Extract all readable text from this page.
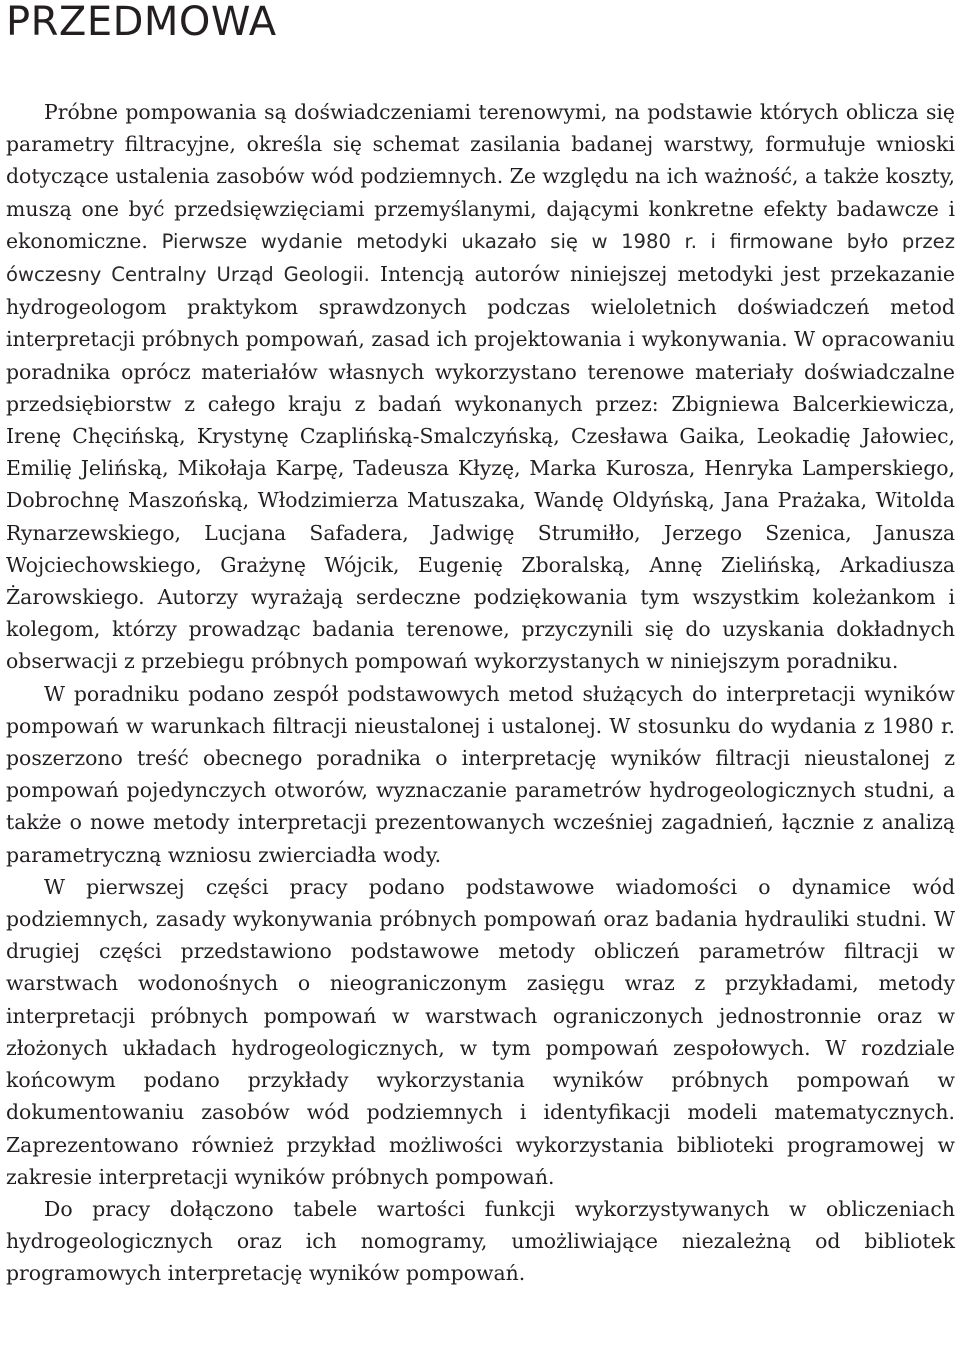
PRZEDMOWA

Próbne pompowania są doświadczeniami terenowymi, na podstawie których oblicza się parametry filtracyjne, określa się schemat zasilania badanej warstwy, formułuje wnioski dotyczące ustalenia zasobów wód podziemnych. Ze względu na ich ważność, a także koszty, muszą one być przedsięwzięciami przemyślanymi, dającymi konkretne efekty badawcze i ekonomiczne. Pierwsze wydanie metodyki ukazało się w 1980 r. i firmowane było przez ówczesny Centralny Urząd Geologii. Intencją autorów niniejszej metodyki jest przekazanie hydrogeologom praktykom sprawdzonych podczas wieloletnich doświadczeń metod interpretacji próbnych pompowań, zasad ich projektowania i wykonywania. W opracowaniu poradnika oprócz materiałów własnych wykorzystano terenowe materiały doświadczalne przedsiębiorstw z całego kraju z badań wykonanych przez: Zbigniewa Balcerkiewicza, Irenę Chęcińską, Krystynę Czaplińską-Smalczyńską, Czesława Gaika, Leokadię Jałowiec, Emilię Jelińską, Mikołaja Karpę, Tadeusza Kłyzę, Marka Kurosza, Henryka Lamperskiego, Dobrochnę Maszońską, Włodzimierza Matuszaka, Wandę Oldyńską, Jana Prażaka, Witolda Rynarzewskiego, Lucjana Safadera, Jadwigę Strumiłło, Jerzego Szenica, Janusza Wojciechowskiego, Grażynę Wójcik, Eugenię Zboralską, Annę Zielińską, Arkadiusza Żarowskiego. Autorzy wyrażają serdeczne podziękowania tym wszystkim koleżankom i kolegom, którzy prowadząc badania terenowe, przyczynili się do uzyskania dokładnych obserwacji z przebiegu próbnych pompowań wykorzystanych w niniejszym poradniku.

W poradniku podano zespół podstawowych metod służących do interpretacji wyników pompowań w warunkach filtracji nieustalonej i ustalonej. W stosunku do wydania z 1980 r. poszerzono treść obecnego poradnika o interpretację wyników filtracji nieustalonej z pompowań pojedynczych otworów, wyznaczanie parametrów hydrogeologicznych studni, a także o nowe metody interpretacji prezentowanych wcześniej zagadnień, łącznie z analizą parametryczną wzniosu zwierciadła wody.

W pierwszej części pracy podano podstawowe wiadomości o dynamice wód podziemnych, zasady wykonywania próbnych pompowań oraz badania hydrauliki studni. W drugiej części przedstawiono podstawowe metody obliczeń parametrów filtracji w warstwach wodonośnych o nieograniczonym zasięgu wraz z przykładami, metody interpretacji próbnych pompowań w warstwach ograniczonych jednostronnie oraz w złożonych układach hydrogeologicznych, w tym pompowań zespołowych. W rozdziale końcowym podano przykłady wykorzystania wyników próbnych pompowań w dokumentowaniu zasobów wód podziemnych i identyfikacji modeli matematycznych. Zaprezentowano również przykład możliwości wykorzystania biblioteki programowej w zakresie interpretacji wyników próbnych pompowań.

Do pracy dołączono tabele wartości funkcji wykorzystywanych w obliczeniach hydrogeologicznych oraz ich nomogramy, umożliwiające niezależną od bibliotek programowych interpretację wyników pompowań.
